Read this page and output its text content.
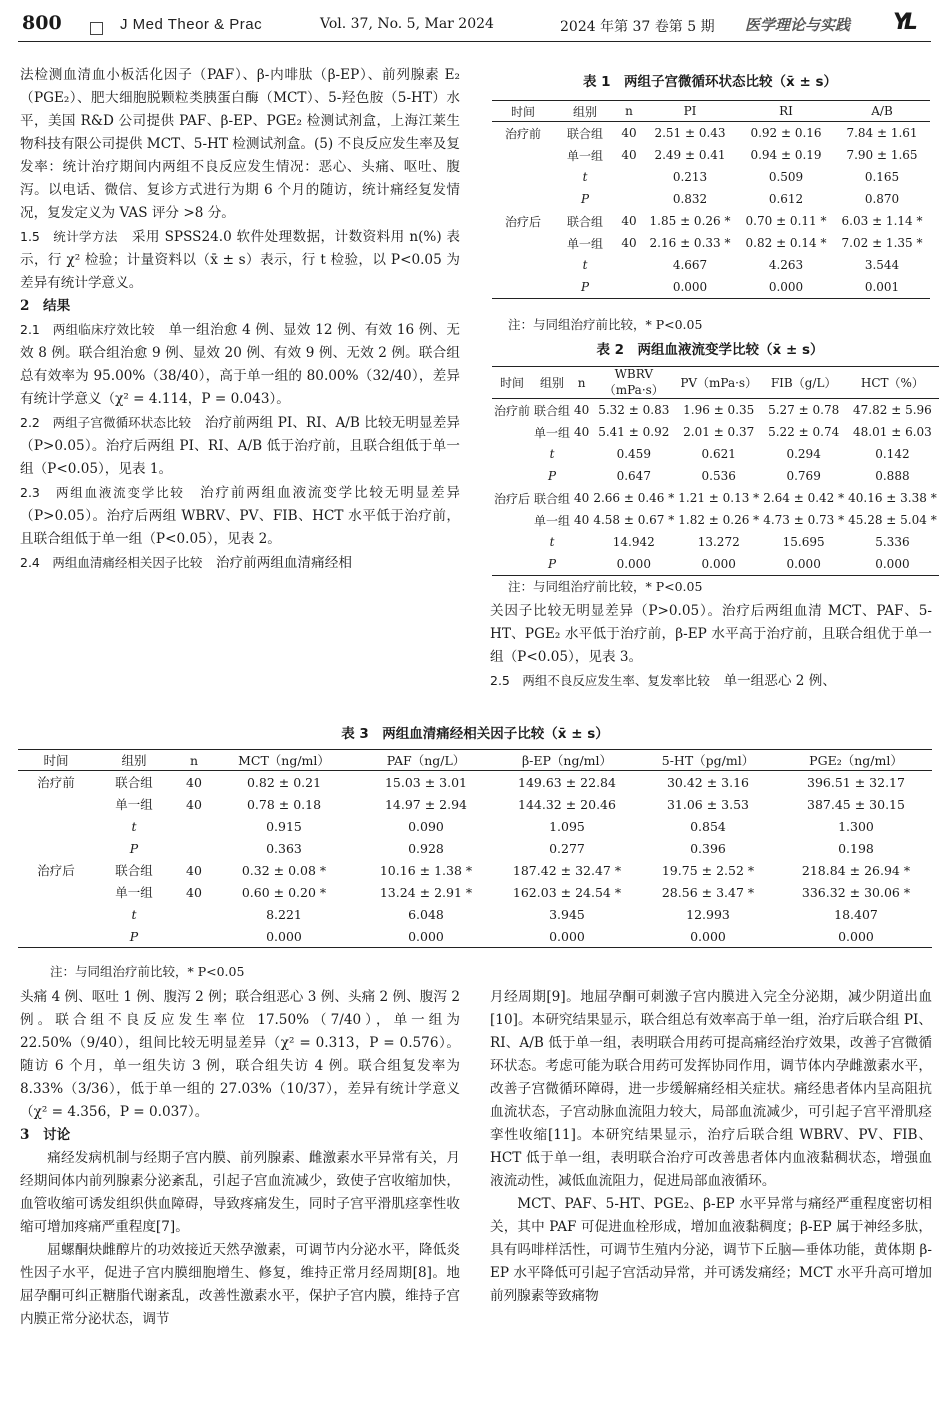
800	J Med Theor & Prac	Vol. 37, No. 5, Mar 2024	2024 年第 37 卷第 5 期 医学理论与实践 YL

法检测血清血小板活化因子（PAF）、β-内啡肽（β-EP）、前列腺素 E₂（PGE₂）、肥大细胞脱颗粒类胰蛋白酶（MCT）、5-羟色胺（5-HT）水平，美国 R&D 公司提供 PAF、β-EP、PGE₂ 检测试剂盒，上海江莱生物科技有限公司提供 MCT、5-HT 检测试剂盒。(5) 不良反应发生率及复发率：统计治疗期间内两组不良反应发生情况：恶心、头痛、呕吐、腹泻。以电话、微信、复诊方式进行为期 6 个月的随访，统计痛经复发情况，复发定义为 VAS 评分 >8 分。

1.5　统计学方法　采用 SPSS24.0 软件处理数据，计数资料用 n(%) 表示，行 χ² 检验；计量资料以（x̄ ± s）表示，行 t 检验，以 P<0.05 为差异有统计学意义。

2　结果

2.1　两组临床疗效比较　单一组治愈 4 例、显效 12 例、有效 16 例、无效 8 例。联合组治愈 9 例、显效 20 例、有效 9 例、无效 2 例。联合组总有效率为 95.00%（38/40），高于单一组的 80.00%（32/40），差异有统计学意义（χ² = 4.114，P = 0.043）。

2.2　两组子宫微循环状态比较　治疗前两组 PI、RI、A/B 比较无明显差异（P>0.05）。治疗后两组 PI、RI、A/B 低于治疗前，且联合组低于单一组（P<0.05），见表 1。

2.3　两组血液流变学比较　治疗前两组血液流变学比较无明显差异（P>0.05）。治疗后两组 WBRV、PV、FIB、HCT 水平低于治疗前，且联合组低于单一组（P<0.05），见表 2。

2.4　两组血清痛经相关因子比较　治疗前两组血清痛经相

表 1　两组子宫微循环状态比较（x̄ ± s）
时间	组别	n	PI	RI	A/B
治疗前	联合组	40	2.51 ± 0.43	0.92 ± 0.16	7.84 ± 1.61
	单一组	40	2.49 ± 0.41	0.94 ± 0.19	7.90 ± 1.65
	t		0.213	0.509	0.165
	P		0.832	0.612	0.870
治疗后	联合组	40	1.85 ± 0.26 *	0.70 ± 0.11 *	6.03 ± 1.14 *
	单一组	40	2.16 ± 0.33 *	0.82 ± 0.14 *	7.02 ± 1.35 *
	t		4.667	4.263	3.544
	P		0.000	0.000	0.001
注：与同组治疗前比较，* P<0.05
表 2　两组血液流变学比较（x̄ ± s）
时间	组别	n	WBRV（mPa·s）	PV（mPa·s）	FIB（g/L）	HCT（%）
治疗前	联合组	40	5.32 ± 0.83	1.96 ± 0.35	5.27 ± 0.78	47.82 ± 5.96
	单一组	40	5.41 ± 0.92	2.01 ± 0.37	5.22 ± 0.74	48.01 ± 6.03
	t		0.459	0.621	0.294	0.142
	P		0.647	0.536	0.769	0.888
治疗后	联合组	40	2.66 ± 0.46 *	1.21 ± 0.13 *	2.64 ± 0.42 *	40.16 ± 3.38 *
	单一组	40	4.58 ± 0.67 *	1.82 ± 0.26 *	4.73 ± 0.73 *	45.28 ± 5.04 *
	t		14.942	13.272	15.695	5.336
	P		0.000	0.000	0.000	0.000
注：与同组治疗前比较，* P<0.05

关因子比较无明显差异（P>0.05）。治疗后两组血清 MCT、PAF、5-HT、PGE₂ 水平低于治疗前，β-EP 水平高于治疗前，且联合组优于单一组（P<0.05），见表 3。

2.5　两组不良反应发生率、复发率比较　单一组恶心 2 例、

表 3　两组血清痛经相关因子比较（x̄ ± s）
时间	组别	n	MCT（ng/ml）	PAF（ng/L）	β-EP（ng/ml）	5-HT（pg/ml）	PGE₂（ng/ml）
治疗前	联合组	40	0.82 ± 0.21	15.03 ± 3.01	149.63 ± 22.84	30.42 ± 3.16	396.51 ± 32.17
	单一组	40	0.78 ± 0.18	14.97 ± 2.94	144.32 ± 20.46	31.06 ± 3.53	387.45 ± 30.15
	t		0.915	0.090	1.095	0.854	1.300
	P		0.363	0.928	0.277	0.396	0.198
治疗后	联合组	40	0.32 ± 0.08 *	10.16 ± 1.38 *	187.42 ± 32.47 *	19.75 ± 2.52 *	218.84 ± 26.94 *
	单一组	40	0.60 ± 0.20 *	13.24 ± 2.91 *	162.03 ± 24.54 *	28.56 ± 3.47 *	336.32 ± 30.06 *
	t		8.221	6.048	3.945	12.993	18.407
	P		0.000	0.000	0.000	0.000	0.000
注：与同组治疗前比较，* P<0.05

头痛 4 例、呕吐 1 例、腹泻 2 例；联合组恶心 3 例、头痛 2 例、腹泻 2 例。联合组不良反应发生率位 17.50%（7/40），单一组为 22.50%（9/40），组间比较无明显差异（χ² = 0.313，P = 0.576）。随访 6 个月，单一组失访 3 例，联合组失访 4 例。联合组复发率为 8.33%（3/36），低于单一组的 27.03%（10/37），差异有统计学意义（χ² = 4.356，P = 0.037）。

3　讨论

痛经发病机制与经期子宫内膜、前列腺素、雌激素水平异常有关，月经期间体内前列腺素分泌紊乱，引起子宫血流减少，致使子宫收缩加快，血管收缩可诱发组织供血障碍，导致疼痛发生，同时子宫平滑肌痉挛性收缩可增加疼痛严重程度[7]。

屈螺酮炔雌醇片的功效接近天然孕激素，可调节内分泌水平，降低炎性因子水平，促进子宫内膜细胞增生、修复，维持正常月经周期[8]。地屈孕酮可纠正糖脂代谢紊乱，改善性激素水平，保护子宫内膜，维持子宫内膜正常分泌状态，调节

月经周期[9]。地屈孕酮可刺激子宫内膜进入完全分泌期，减少阴道出血[10]。本研究结果显示，联合组总有效率高于单一组，治疗后联合组 PI、RI、A/B 低于单一组，表明联合用药可提高痛经治疗效果，改善子宫微循环状态。考虑可能为联合用药可发挥协同作用，调节体内孕雌激素水平，改善子宫微循环障碍，进一步缓解痛经相关症状。痛经患者体内呈高阻抗血流状态，子宫动脉血流阻力较大，局部血流减少，可引起子宫平滑肌痉挛性收缩[11]。本研究结果显示，治疗后联合组 WBRV、PV、FIB、HCT 低于单一组，表明联合治疗可改善患者体内血液黏稠状态，增强血液流动性，减低血流阻力，促进局部血液循环。

MCT、PAF、5-HT、PGE₂、β-EP 水平异常与痛经严重程度密切相关，其中 PAF 可促进血栓形成，增加血液黏稠度；β-EP 属于神经多肽，具有吗啡样活性，可调节生殖内分泌，调节下丘脑—垂体功能，黄体期 β-EP 水平降低可引起子宫活动异常，并可诱发痛经；MCT 水平升高可增加前列腺素等致痛物
